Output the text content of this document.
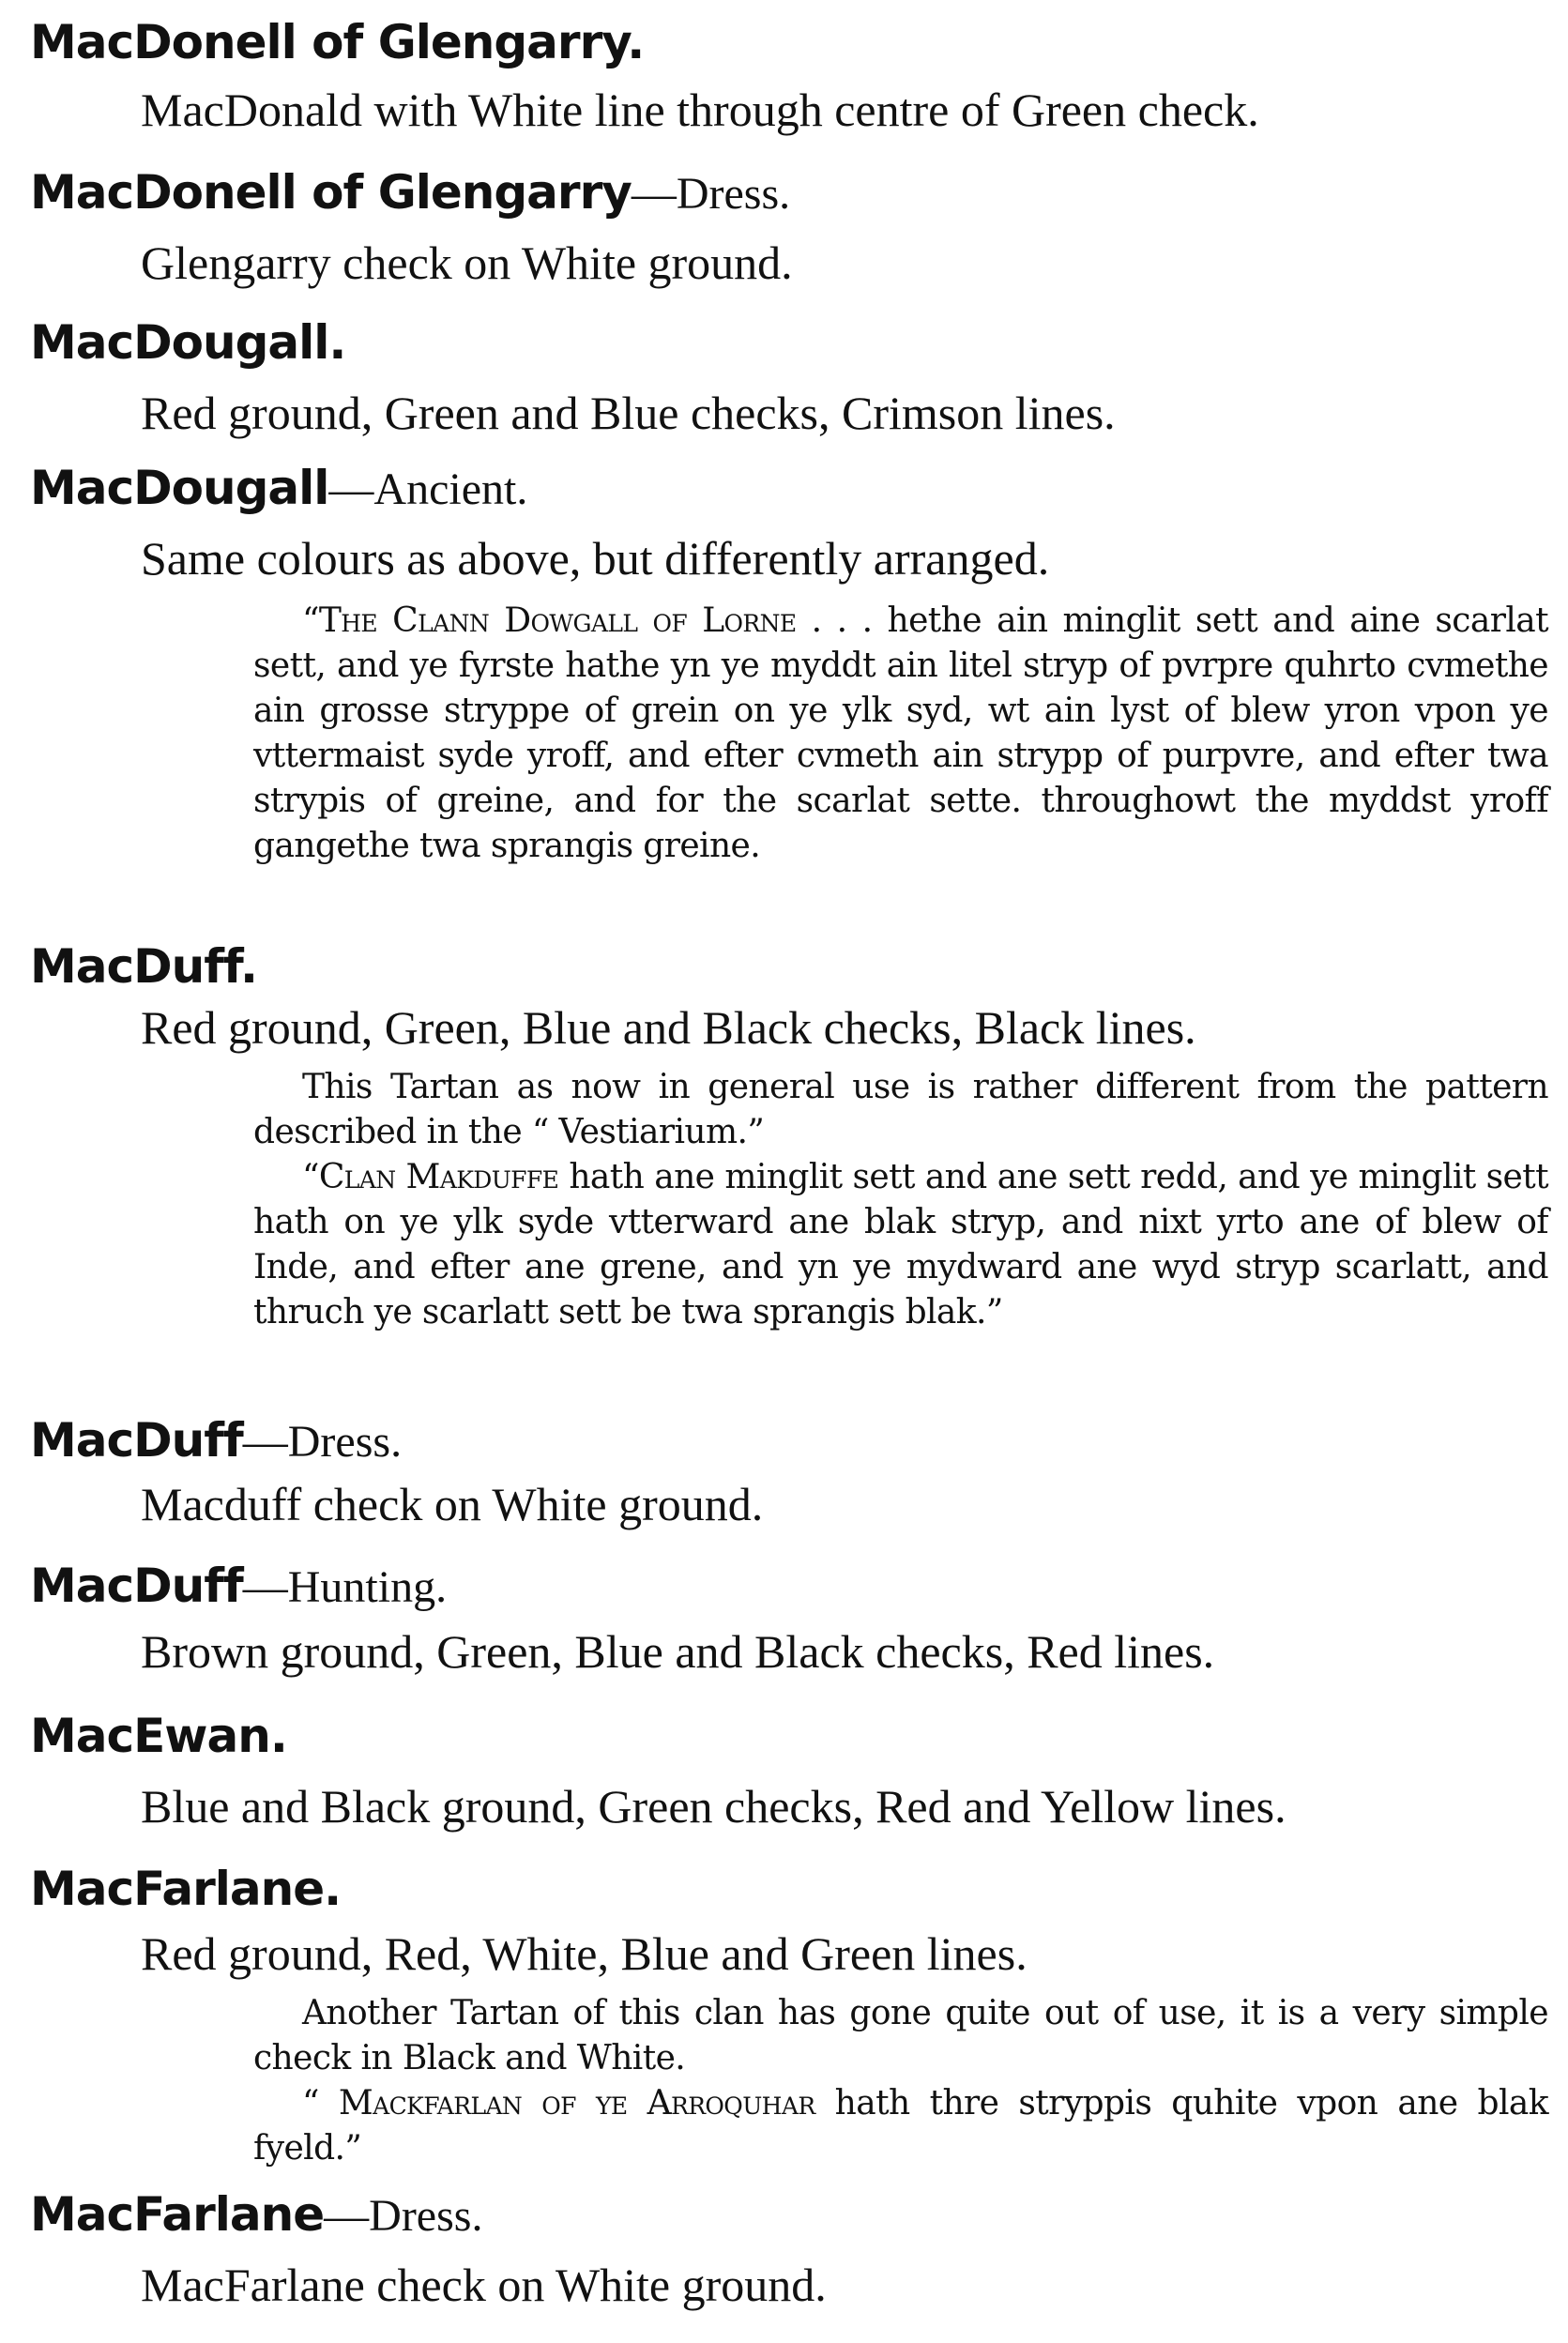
MacDonell of Glengarry.
MacDonald with White line through centre of Green check.
MacDonell of Glengarry—Dress.
Glengarry check on White ground.
MacDougall.
Red ground, Green and Blue checks, Crimson lines.
MacDougall—Ancient.
Same colours as above, but differently arranged.
“The Clann Dowgall of Lorne . . . hethe ain minglit sett and aine scarlat sett, and ye fyrste hathe yn ye myddt ain litel stryp of pvrpre quhrto cvmethe ain grosse stryppe of grein on ye ylk syd, wt ain lyst of blew yron vpon ye vttermaist syde yroff, and efter cvmeth ain strypp of purpvre, and efter twa strypis of greine, and for the scarlat sette. throughowt the myddst yroff gangethe twa sprangis greine.
MacDuff.
Red ground, Green, Blue and Black checks, Black lines.
This Tartan as now in general use is rather different from the pattern described in the “ Vestiarium.”
“Clan Makduffe hath ane minglit sett and ane sett redd, and ye minglit sett hath on ye ylk syde vtterward ane blak stryp, and nixt yrto ane of blew of Inde, and efter ane grene, and yn ye mydward ane wyd stryp scarlatt, and thruch ye scarlatt sett be twa sprangis blak.”
MacDuff—Dress.
Macduff check on White ground.
MacDuff—Hunting.
Brown ground, Green, Blue and Black checks, Red lines.
MacEwan.
Blue and Black ground, Green checks, Red and Yellow lines.
MacFarlane.
Red ground, Red, White, Blue and Green lines.
Another Tartan of this clan has gone quite out of use, it is a very simple check in Black and White.
“ Mackfarlan of ye Arroquhar hath thre stryppis quhite vpon ane blak fyeld.”
MacFarlane—Dress.
MacFarlane check on White ground.
